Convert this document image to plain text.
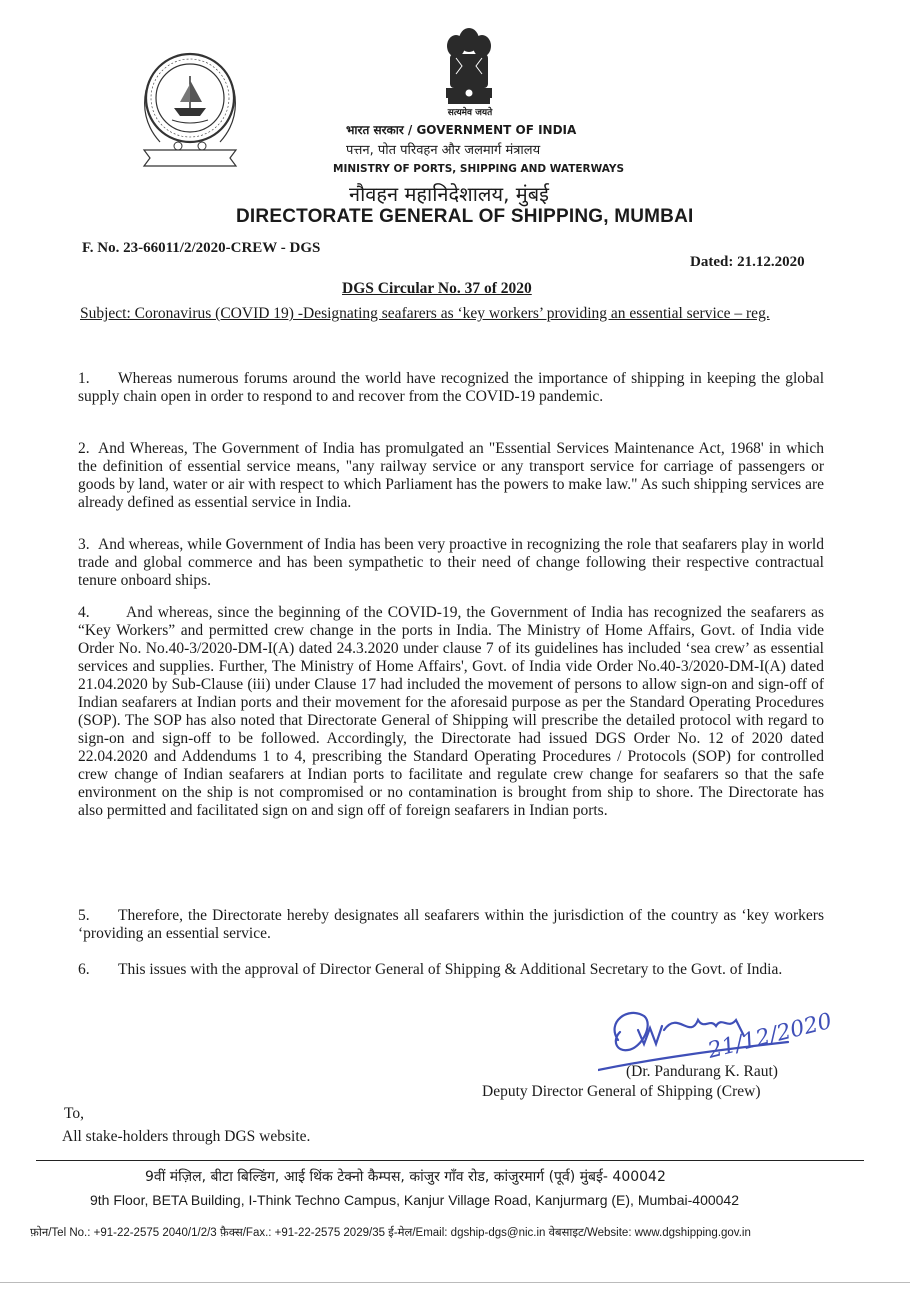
सत्यमेव जयते
भारत सरकार / GOVERNMENT OF INDIA
पत्तन, पोत परिवहन और जलमार्ग मंत्रालय
MINISTRY OF PORTS, SHIPPING AND WATERWAYS
नौवहन महानिदेशालय, मुंबई
DIRECTORATE GENERAL OF SHIPPING, MUMBAI
F. No. 23-66011/2/2020-CREW - DGS
Dated: 21.12.2020
DGS Circular No. 37 of 2020
Subject: Coronavirus (COVID 19) -Designating seafarers as ‘key workers’ providing an essential service – reg.
1. Whereas numerous forums around the world have recognized the importance of shipping in keeping the global supply chain open in order to respond to and recover from the COVID-19 pandemic.
2. And Whereas, The Government of India has promulgated an "Essential Services Maintenance Act, 1968' in which the definition of essential service means, "any railway service or any transport service for carriage of passengers or goods by land, water or air with respect to which Parliament has the powers to make law." As such shipping services are already defined as essential service in India.
3. And whereas, while Government of India has been very proactive in recognizing the role that seafarers play in world trade and global commerce and has been sympathetic to their need of change following their respective contractual tenure onboard ships.
4. And whereas, since the beginning of the COVID-19, the Government of India has recognized the seafarers as “Key Workers” and permitted crew change in the ports in India. The Ministry of Home Affairs, Govt. of India vide Order No. No.40-3/2020-DM-I(A) dated 24.3.2020 under clause 7 of its guidelines has included ‘sea crew’ as essential services and supplies. Further, The Ministry of Home Affairs', Govt. of India vide Order No.40-3/2020-DM-I(A) dated 21.04.2020 by Sub-Clause (iii) under Clause 17 had included the movement of persons to allow sign-on and sign-off of Indian seafarers at Indian ports and their movement for the aforesaid purpose as per the Standard Operating Procedures (SOP). The SOP has also noted that Directorate General of Shipping will prescribe the detailed protocol with regard to sign-on and sign-off to be followed. Accordingly, the Directorate had issued DGS Order No. 12 of 2020 dated 22.04.2020 and Addendums 1 to 4, prescribing the Standard Operating Procedures / Protocols (SOP) for controlled crew change of Indian seafarers at Indian ports to facilitate and regulate crew change for seafarers so that the safe environment on the ship is not compromised or no contamination is brought from ship to shore. The Directorate has also permitted and facilitated sign on and sign off of foreign seafarers in Indian ports.
5. Therefore, the Directorate hereby designates all seafarers within the jurisdiction of the country as ‘key workers ‘providing an essential service.
6. This issues with the approval of Director General of Shipping & Additional Secretary to the Govt. of India.
21/12/2020
(Dr. Pandurang K. Raut)
Deputy Director General of Shipping (Crew)
To,
All stake-holders through DGS website.
9वीं मंज़िल, बीटा बिल्डिंग, आई थिंक टेक्नो कैम्पस, कांजुर गाँव रोड, कांजुरमार्ग (पूर्व) मुंबई- 400042
9th Floor, BETA Building, I-Think Techno Campus, Kanjur Village Road, Kanjurmarg (E), Mumbai-400042
फ़ोन/Tel No.: +91-22-2575 2040/1/2/3 फ़ैक्स/Fax.: +91-22-2575 2029/35 ई-मेल/Email: dgship-dgs@nic.in वेबसाइट/Website: www.dgshipping.gov.in
